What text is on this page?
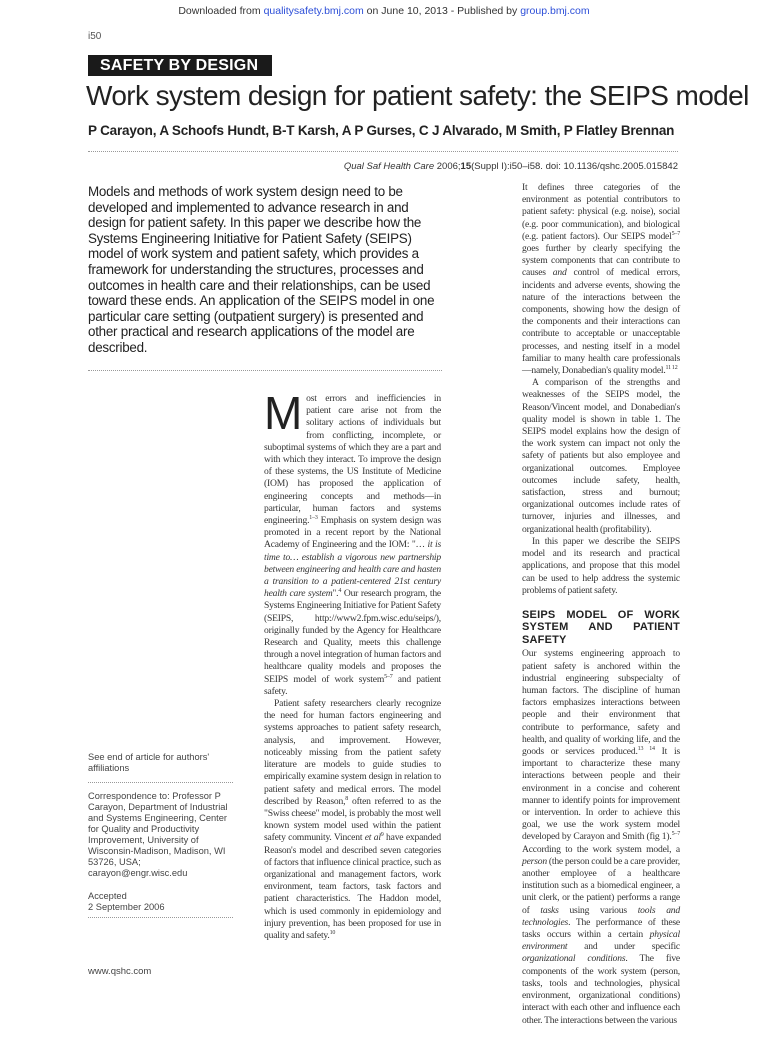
Downloaded from qualitysafety.bmj.com on June 10, 2013 - Published by group.bmj.com
i50
SAFETY BY DESIGN
Work system design for patient safety: the SEIPS model
P Carayon, A Schoofs Hundt, B-T Karsh, A P Gurses, C J Alvarado, M Smith, P Flatley Brennan
Qual Saf Health Care 2006;15(Suppl I):i50–i58. doi: 10.1136/qshc.2005.015842
Models and methods of work system design need to be developed and implemented to advance research in and design for patient safety. In this paper we describe how the Systems Engineering Initiative for Patient Safety (SEIPS) model of work system and patient safety, which provides a framework for understanding the structures, processes and outcomes in health care and their relationships, can be used toward these ends. An application of the SEIPS model in one particular care setting (outpatient surgery) is presented and other practical and research applications of the model are described.
See end of article for authors' affiliations
Correspondence to: Professor P Carayon, Department of Industrial and Systems Engineering, Center for Quality and Productivity Improvement, University of Wisconsin-Madison, Madison, WI 53726, USA; carayon@engr.wisc.edu
Accepted
2 September 2006

Most errors and inefficiencies in patient care arise not from the solitary actions of individuals but from conflicting, incomplete, or suboptimal systems of which they are a part and with which they interact. To improve the design of these systems, the US Institute of Medicine (IOM) has proposed the application of engineering concepts and methods—in particular, human factors and systems engineering.$^{1-3}$ Emphasis on system design was promoted in a recent report by the National Academy of Engineering and the IOM: "… it is time to… establish a vigorous new partnership between engineering and health care and hasten a transition to a patient-centered 21st century health care system".$^4$ Our research program, the Systems Engineering Initiative for Patient Safety (SEIPS, http://www2.fpm.wisc.edu/seips/), originally funded by the Agency for Healthcare Research and Quality, meets this challenge through a novel integration of human factors and healthcare quality models and proposes the SEIPS model of work system$^{5-7}$ and patient safety.

Patient safety researchers clearly recognize the need for human factors engineering and systems approaches to patient safety research, analysis, and improvement. However, noticeably missing from the patient safety literature are models to guide studies to empirically examine system design in relation to patient safety and medical errors. The model described by Reason,$^8$ often referred to as the "Swiss cheese" model, is probably the most well known system model used within the patient safety community. Vincent et $al^9$ have expanded Reason's model and described seven categories of factors that influence clinical practice, such as organizational and management factors, work environment, team factors, task factors and patient characteristics. The Haddon model, which is used commonly in epidemiology and injury prevention, has been proposed for use in quality and safety.$^{10}$

It defines three categories of the environment as potential contributors to patient safety: physical (e.g. noise), social (e.g. poor communication), and biological (e.g. patient factors). Our SEIPS model$^{5-7}$ goes further by clearly specifying the system components that can contribute to causes and control of medical errors, incidents and adverse events, showing the nature of the interactions between the components, showing how the design of the components and their interactions can contribute to acceptable or unacceptable processes, and nesting itself in a model familiar to many health care professionals—namely, Donabedian's quality model.$^{11 12}$

A comparison of the strengths and weaknesses of the SEIPS model, the Reason/Vincent model, and Donabedian's quality model is shown in table 1. The SEIPS model explains how the design of the work system can impact not only the safety of patients but also employee and organizational outcomes. Employee outcomes include safety, health, satisfaction, stress and burnout; organizational outcomes include rates of turnover, injuries and illnesses, and organizational health (profitability).

In this paper we describe the SEIPS model and its research and practical applications, and propose that this model can be used to help address the systemic problems of patient safety.

SEIPS MODEL OF WORK SYSTEM AND PATIENT SAFETY

Our systems engineering approach to patient safety is anchored within the industrial engineering subspecialty of human factors. The discipline of human factors emphasizes interactions between people and their environment that contribute to performance, safety and health, and quality of working life, and the goods or services produced.$^{13 14}$ It is important to characterize these many interactions between people and their environment in a concise and coherent manner to identify points for improvement or intervention. In order to achieve this goal, we use the work system model developed by Carayon and Smith (fig 1).$^{5-7}$ According to the work system model, a person (the person could be a care provider, another employee of a healthcare institution such as a biomedical engineer, a unit clerk, or the patient) performs a range of tasks using various tools and technologies. The performance of these tasks occurs within a certain physical environment and under specific organizational conditions. The five components of the work system (person, tasks, tools and technologies, physical environment, organizational conditions) interact with each other and influence each other. The interactions between the various

www.qshc.com
